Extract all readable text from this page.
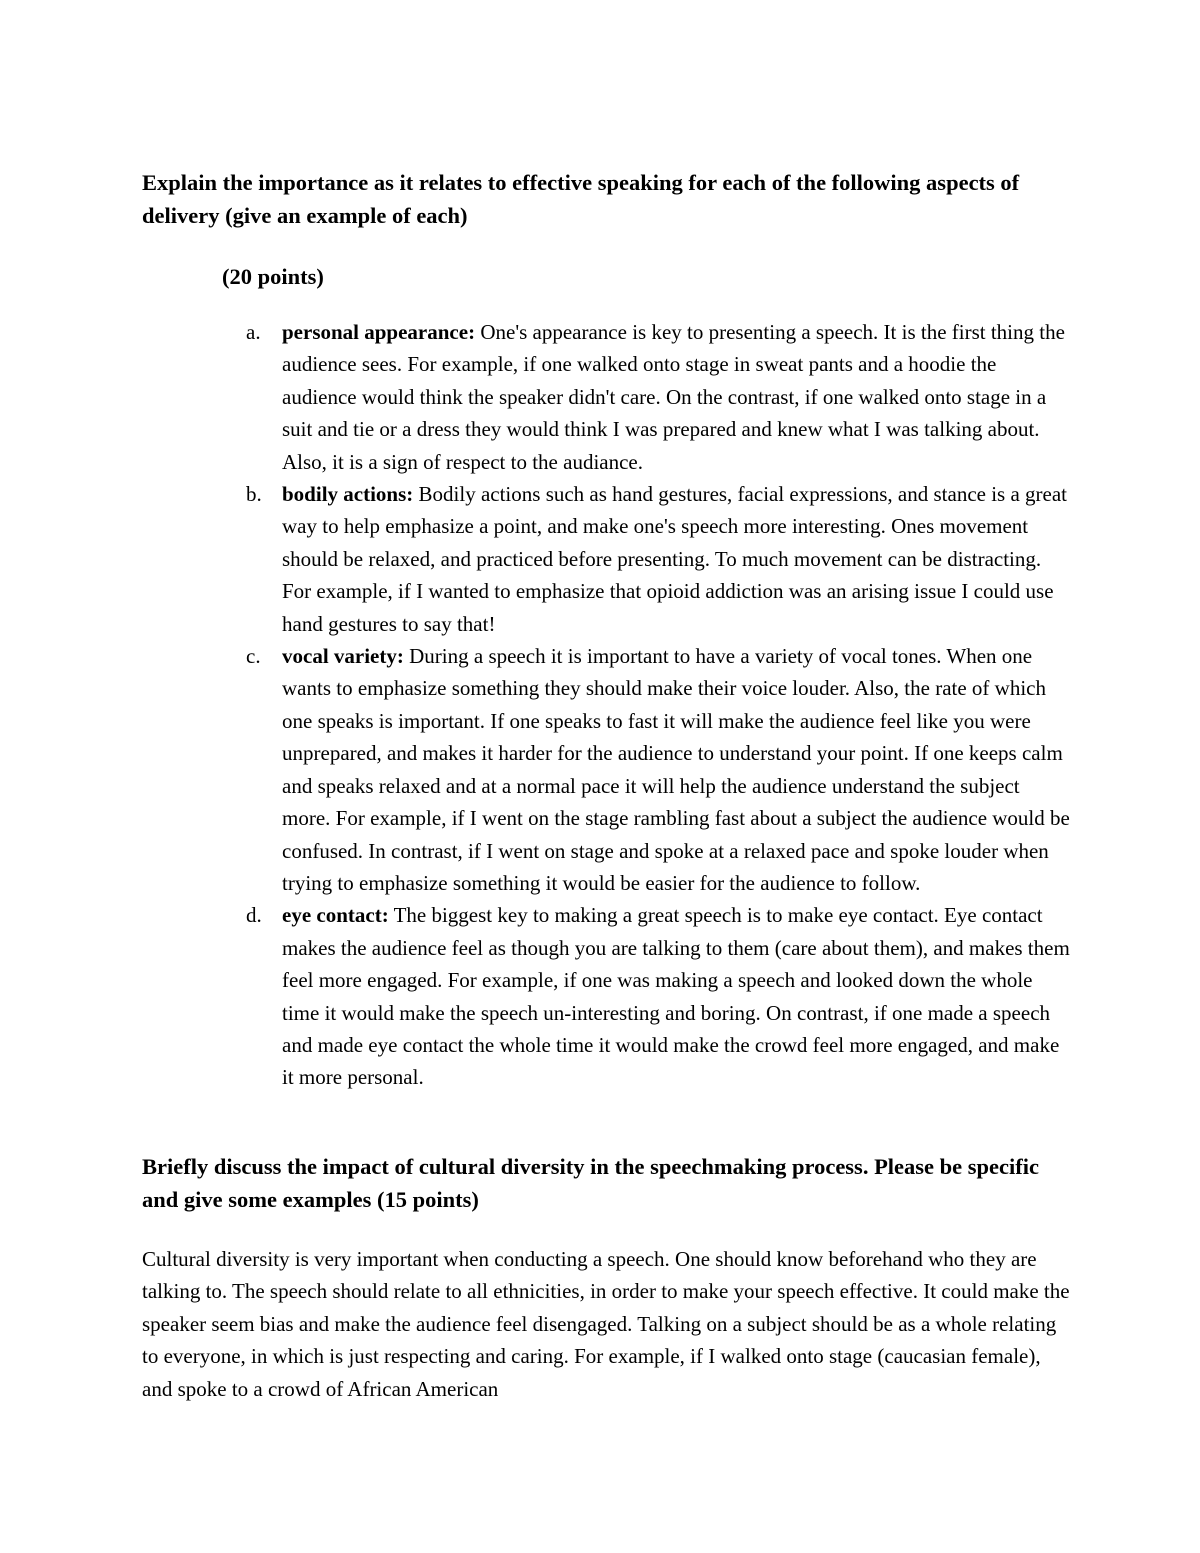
Explain the importance as it relates to effective speaking for each of the following aspects of delivery (give an example of each)

(20 points)

a. personal appearance: One's appearance is key to presenting a speech. It is the first thing the audience sees. For example, if one walked onto stage in sweat pants and a hoodie the audience would think the speaker didn't care. On the contrast, if one walked onto stage in a suit and tie or a dress they would think I was prepared and knew what I was talking about. Also, it is a sign of respect to the audiance.
b. bodily actions: Bodily actions such as hand gestures, facial expressions, and stance is a great way to help emphasize a point, and make one's speech more interesting. Ones movement should be relaxed, and practiced before presenting. To much movement can be distracting. For example, if I wanted to emphasize that opioid addiction was an arising issue I could use hand gestures to say that!
c. vocal variety: During a speech it is important to have a variety of vocal tones. When one wants to emphasize something they should make their voice louder. Also, the rate of which one speaks is important. If one speaks to fast it will make the audience feel like you were unprepared, and makes it harder for the audience to understand your point. If one keeps calm and speaks relaxed and at a normal pace it will help the audience understand the subject more. For example, if I went on the stage rambling fast about a subject the audience would be confused. In contrast, if I went on stage and spoke at a relaxed pace and spoke louder when trying to emphasize something it would be easier for the audience to follow.
d. eye contact: The biggest key to making a great speech is to make eye contact. Eye contact makes the audience feel as though you are talking to them (care about them), and makes them feel more engaged. For example, if one was making a speech and looked down the whole time it would make the speech un-interesting and boring. On contrast, if one made a speech and made eye contact the whole time it would make the crowd feel more engaged, and make it more personal.

Briefly discuss the impact of cultural diversity in the speechmaking process. Please be specific and give some examples (15 points)

Cultural diversity is very important when conducting a speech. One should know beforehand who they are talking to. The speech should relate to all ethnicities, in order to make your speech effective. It could make the speaker seem bias and make the audience feel disengaged. Talking on a subject should be as a whole relating to everyone, in which is just respecting and caring. For example, if I walked onto stage (caucasian female), and spoke to a crowd of African American
